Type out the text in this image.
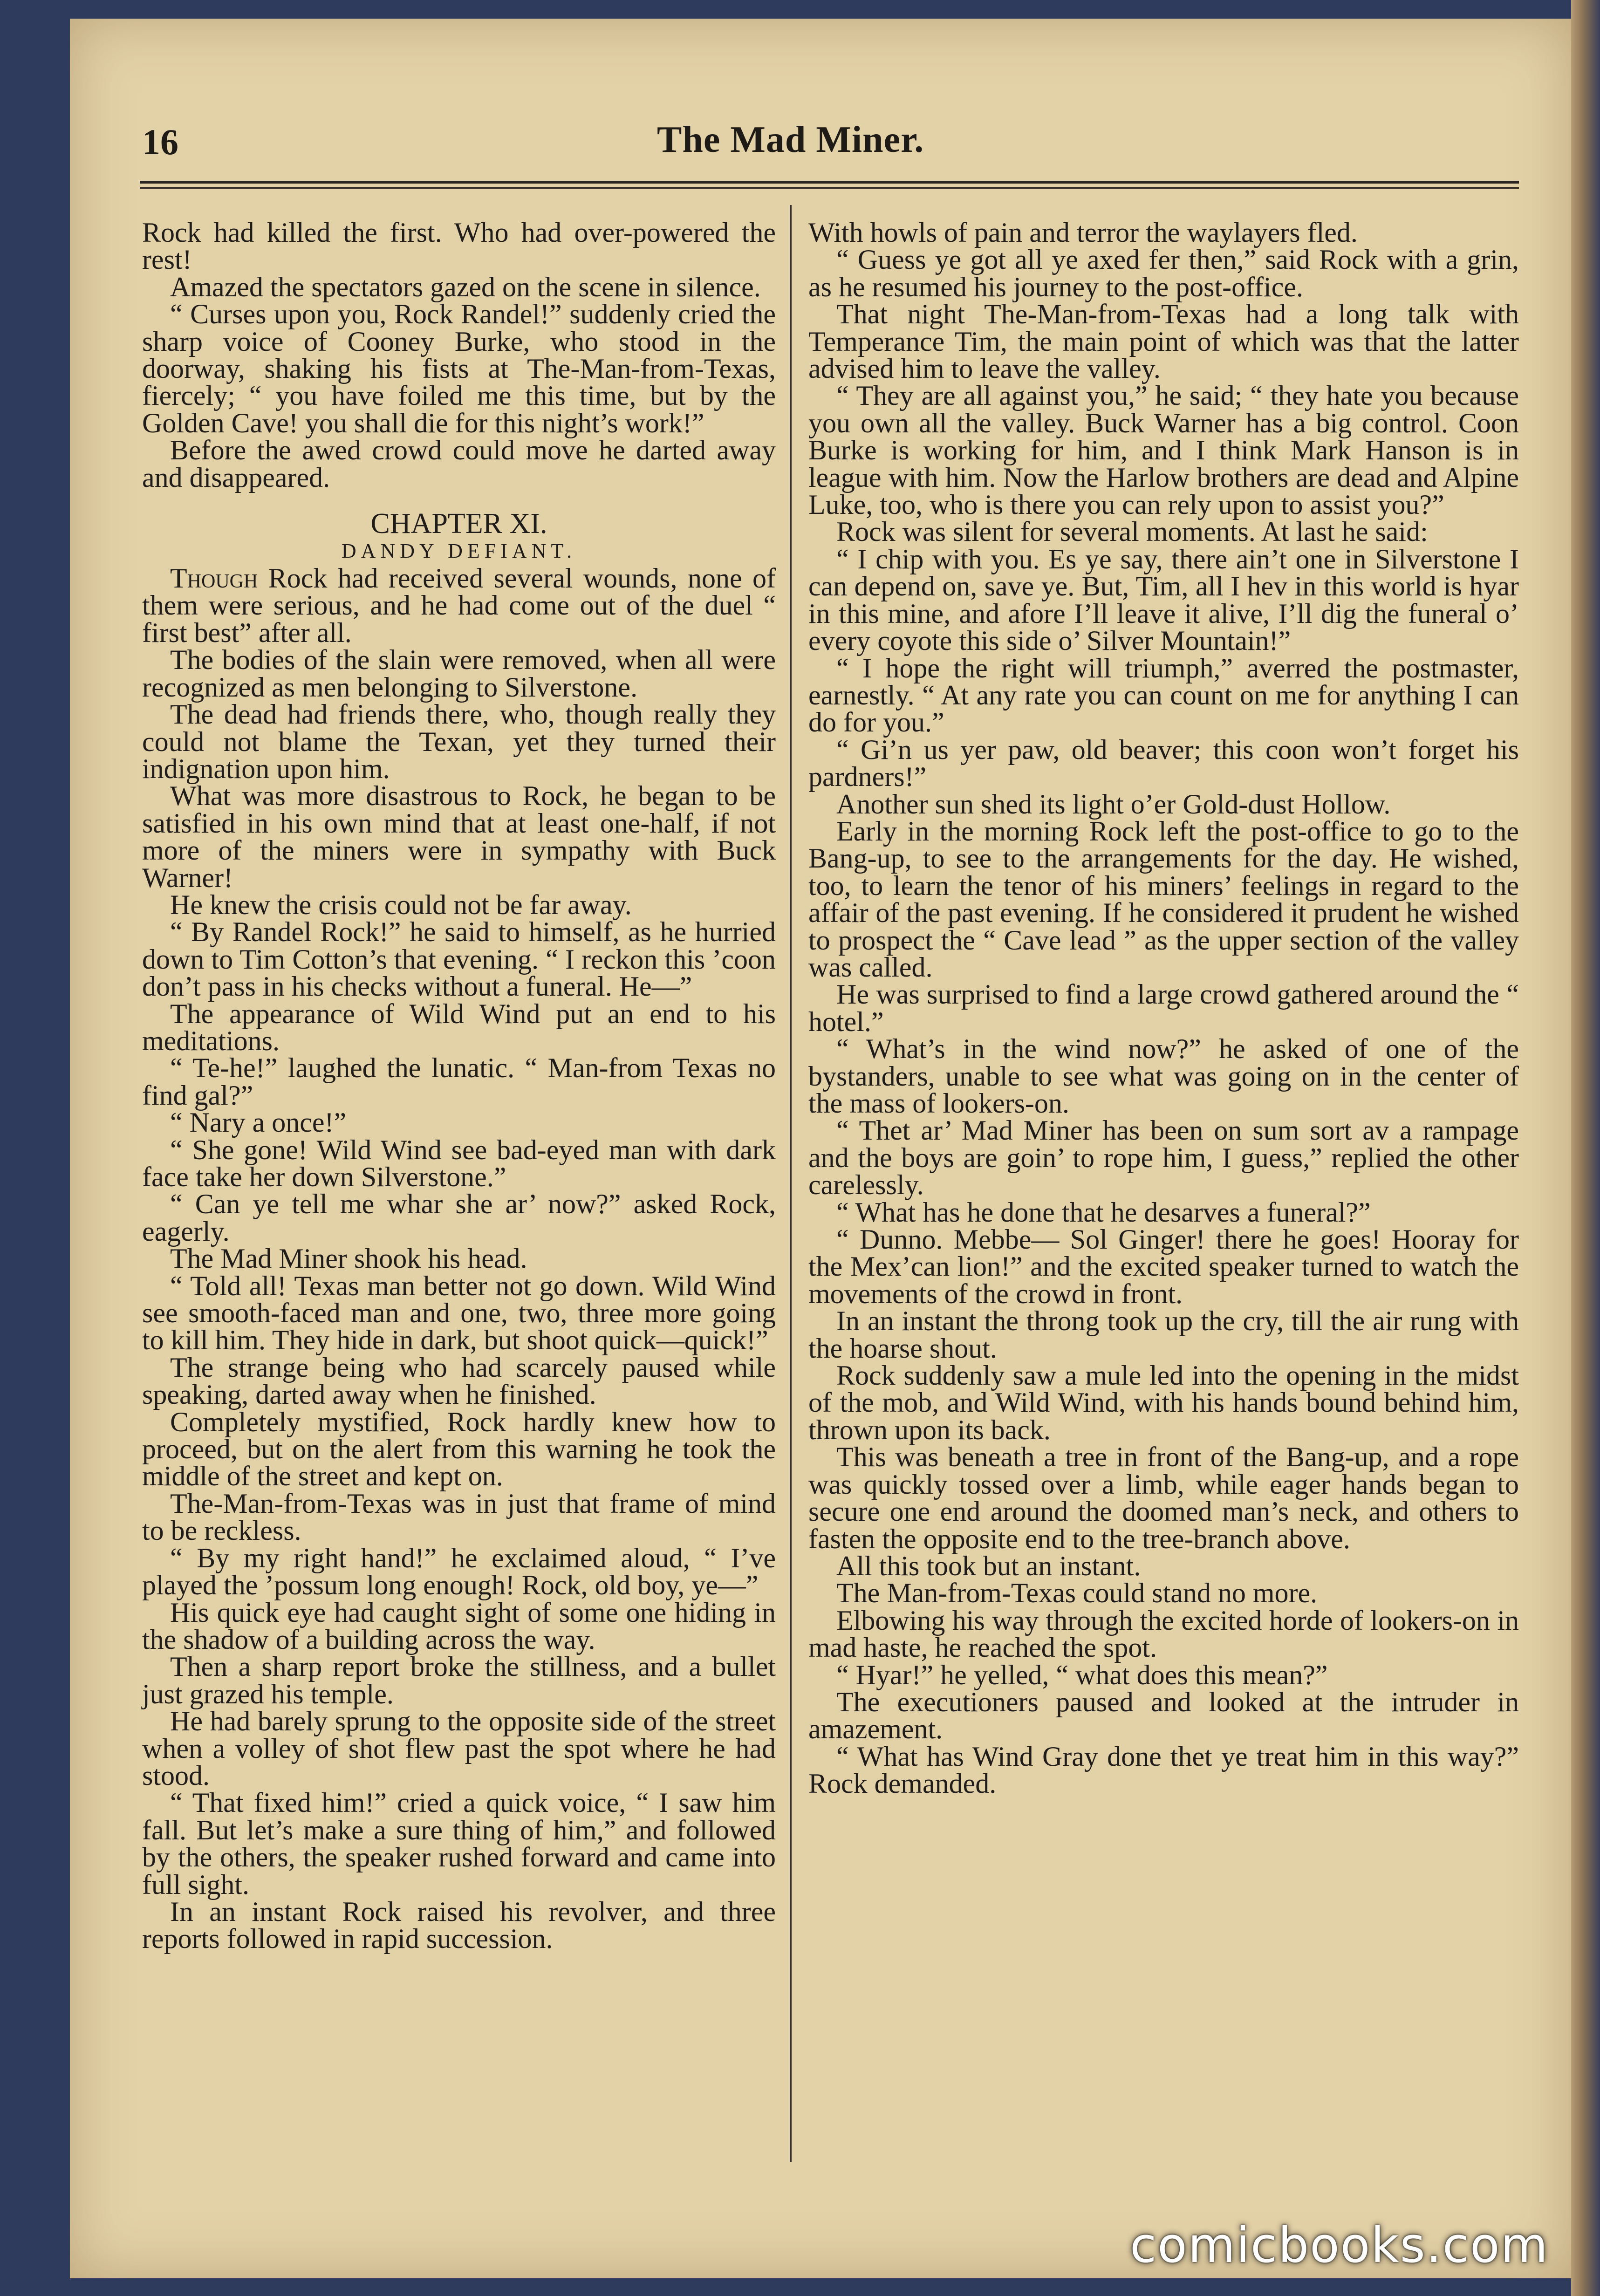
16	The Mad Miner.

Rock had killed the first. Who had over-powered the rest!

Amazed the spectators gazed on the scene in silence.

“ Curses upon you, Rock Randel!” suddenly cried the sharp voice of Cooney Burke, who stood in the doorway, shaking his fists at The-Man-from-Texas, fiercely; “ you have foiled me this time, but by the Golden Cave! you shall die for this night’s work!”

Before the awed crowd could move he darted away and disappeared.

CHAPTER XI.
DANDY DEFIANT.

Though Rock had received several wounds, none of them were serious, and he had come out of the duel “ first best” after all.

The bodies of the slain were removed, when all were recognized as men belonging to Silverstone.

The dead had friends there, who, though really they could not blame the Texan, yet they turned their indignation upon him.

What was more disastrous to Rock, he began to be satisfied in his own mind that at least one-half, if not more of the miners were in sympathy with Buck Warner!

He knew the crisis could not be far away.

“ By Randel Rock!” he said to himself, as he hurried down to Tim Cotton’s that evening. “ I reckon this ’coon don’t pass in his checks without a funeral. He—”

The appearance of Wild Wind put an end to his meditations.

“ Te-he!” laughed the lunatic. “ Man-from Texas no find gal?”

“ Nary a once!”

“ She gone! Wild Wind see bad-eyed man with dark face take her down Silverstone.”

“ Can ye tell me whar she ar’ now?” asked Rock, eagerly.

The Mad Miner shook his head.

“ Told all! Texas man better not go down. Wild Wind see smooth-faced man and one, two, three more going to kill him. They hide in dark, but shoot quick—quick!”

The strange being who had scarcely paused while speaking, darted away when he finished.

Completely mystified, Rock hardly knew how to proceed, but on the alert from this warning he took the middle of the street and kept on.

The-Man-from-Texas was in just that frame of mind to be reckless.

“ By my right hand!” he exclaimed aloud, “ I’ve played the ’possum long enough! Rock, old boy, ye—”

His quick eye had caught sight of some one hiding in the shadow of a building across the way.

Then a sharp report broke the stillness, and a bullet just grazed his temple.

He had barely sprung to the opposite side of the street when a volley of shot flew past the spot where he had stood.

“ That fixed him!” cried a quick voice, “ I saw him fall. But let’s make a sure thing of him,” and followed by the others, the speaker rushed forward and came into full sight.

In an instant Rock raised his revolver, and three reports followed in rapid succession.

With howls of pain and terror the waylayers fled.

“ Guess ye got all ye axed fer then,” said Rock with a grin, as he resumed his journey to the post-office.

That night The-Man-from-Texas had a long talk with Temperance Tim, the main point of which was that the latter advised him to leave the valley.

“ They are all against you,” he said; “ they hate you because you own all the valley. Buck Warner has a big control. Coon Burke is working for him, and I think Mark Hanson is in league with him. Now the Harlow brothers are dead and Alpine Luke, too, who is there you can rely upon to assist you?”

Rock was silent for several moments. At last he said:

“ I chip with you. Es ye say, there ain’t one in Silverstone I can depend on, save ye. But, Tim, all I hev in this world is hyar in this mine, and afore I’ll leave it alive, I’ll dig the funeral o’ every coyote this side o’ Silver Mountain!”

“ I hope the right will triumph,” averred the postmaster, earnestly. “ At any rate you can count on me for anything I can do for you.”

“ Gi’n us yer paw, old beaver; this coon won’t forget his pardners!”

Another sun shed its light o’er Gold-dust Hollow.

Early in the morning Rock left the post-office to go to the Bang-up, to see to the arrangements for the day. He wished, too, to learn the tenor of his miners’ feelings in regard to the affair of the past evening. If he considered it prudent he wished to prospect the “ Cave lead ” as the upper section of the valley was called.

He was surprised to find a large crowd gathered around the “ hotel.”

“ What’s in the wind now?” he asked of one of the bystanders, unable to see what was going on in the center of the mass of lookers-on.

“ Thet ar’ Mad Miner has been on sum sort av a rampage and the boys are goin’ to rope him, I guess,” replied the other carelessly.

“ What has he done that he desarves a funeral?”

“ Dunno. Mebbe— Sol Ginger! there he goes! Hooray for the Mex’can lion!” and the excited speaker turned to watch the movements of the crowd in front.

In an instant the throng took up the cry, till the air rung with the hoarse shout.

Rock suddenly saw a mule led into the opening in the midst of the mob, and Wild Wind, with his hands bound behind him, thrown upon its back.

This was beneath a tree in front of the Bang-up, and a rope was quickly tossed over a limb, while eager hands began to secure one end around the doomed man’s neck, and others to fasten the opposite end to the tree-branch above.

All this took but an instant.

The Man-from-Texas could stand no more.

Elbowing his way through the excited horde of lookers-on in mad haste, he reached the spot.

“ Hyar!” he yelled, “ what does this mean?”

The executioners paused and looked at the intruder in amazement.

“ What has Wind Gray done thet ye treat him in this way?” Rock demanded.

comicbooks.com
